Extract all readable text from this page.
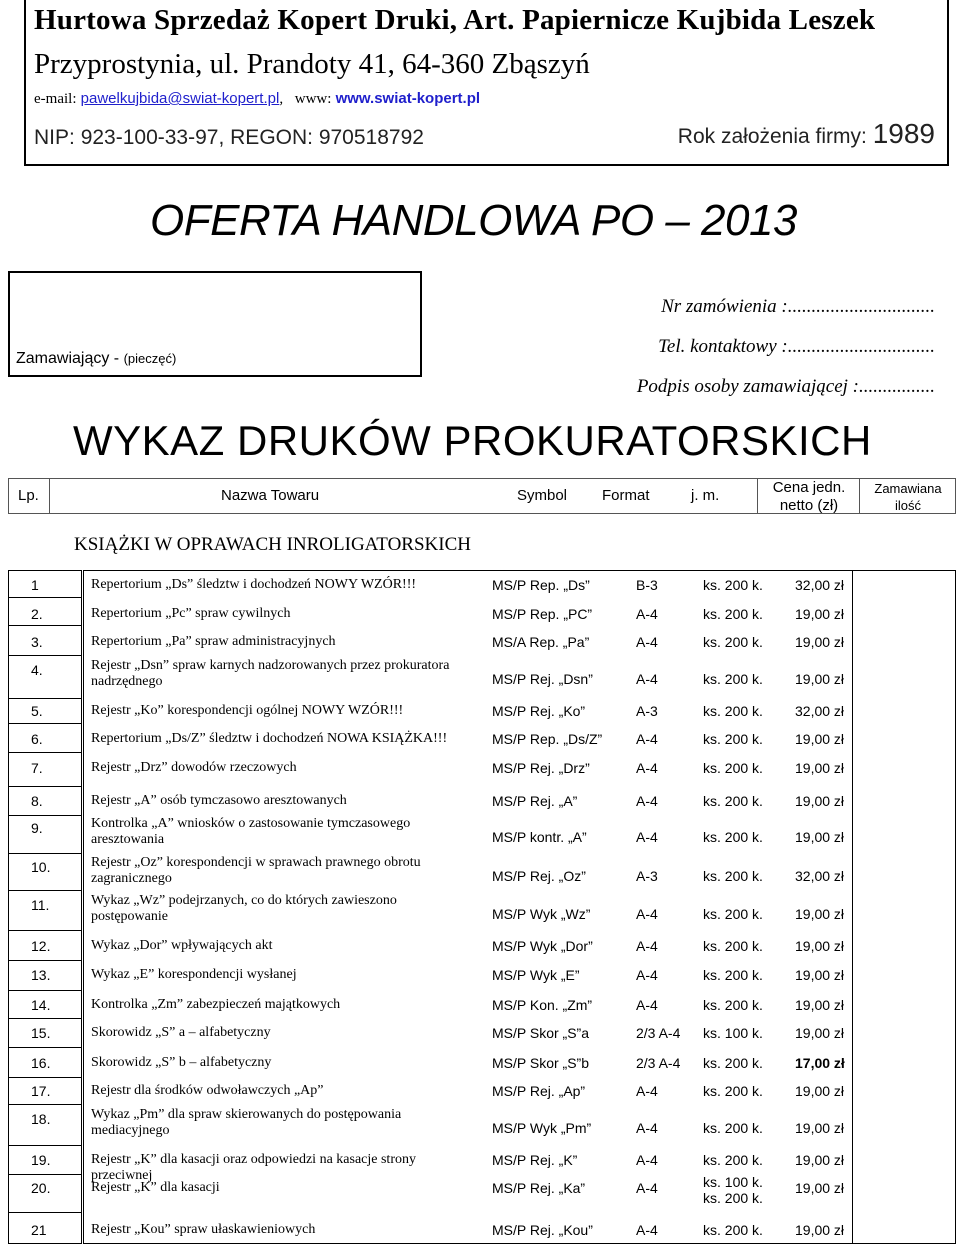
Hurtowa Sprzedaż Kopert Druki, Art. Papiernicze Kujbida Leszek
Przyprostynia, ul. Prandoty 41, 64-360 Zbąszyń
e-mail: pawelkujbida@swiat-kopert.pl,   www: www.swiat-kopert.pl
NIP: 923-100-33-97, REGON: 970518792	Rok założenia firmy: 1989
OFERTA HANDLOWA PO – 2013
Zamawiający - (pieczęć)
Nr zamówienia :...............................
Tel. kontaktowy :...............................
Podpis osoby zamawiającej :................
WYKAZ DRUKÓW PROKURATORSKICH
Lp.	Nazwa Towaru	Symbol Format	j. m.	Cena jedn.
netto (zł)
Zamawiana
ilość
KSIĄŻKI W OPRAWACH INROLIGATORSKICH
1	Repertorium „Ds” śledztw i dochodzeń NOWY WZÓR!!!	MS/P Rep. „Ds”	B-3	ks. 200 k. 32,00 zł
2.	Repertorium „Pc” spraw cywilnych	MS/P Rep. „PC”	A-4	ks. 200 k. 19,00 zł
3.	Repertorium „Pa” spraw administracyjnych	MS/A Rep. „Pa”	A-4	ks. 200 k. 19,00 zł
4.	Rejestr „Dsn” spraw karnych nadzorowanych przez prokuratora nadrzędnego	MS/P Rej. „Dsn”	A-4	ks. 200 k. 19,00 zł
5.	Rejestr „Ko” korespondencji ogólnej NOWY WZÓR!!!	MS/P Rej. „Ko”	A-3	ks. 200 k. 32,00 zł
6.	Repertorium „Ds/Z” śledztw i dochodzeń NOWA KSIĄŻKA!!!	MS/P Rep. „Ds/Z” A-4	ks. 200 k. 19,00 zł
7.	Rejestr „Drz” dowodów rzeczowych	MS/P Rej. „Drz”	A-4	ks. 200 k. 19,00 zł
8.	Rejestr „A” osób tymczasowo aresztowanych	MS/P Rej. „A”	A-4	ks. 200 k. 19,00 zł
9.	Kontrolka „A” wniosków o zastosowanie tymczasowego aresztowania	MS/P kontr. „A”	A-4	ks. 200 k. 19,00 zł
10.	Rejestr „Oz” korespondencji w sprawach prawnego obrotu zagranicznego	MS/P Rej. „Oz”	A-3	ks. 200 k. 32,00 zł
11.	Wykaz „Wz” podejrzanych, co do których zawieszono postępowanie	MS/P Wyk „Wz”	A-4	ks. 200 k. 19,00 zł
12.	Wykaz „Dor” wpływających akt	MS/P Wyk „Dor”	A-4	ks. 200 k. 19,00 zł
13.	Wykaz „E” korespondencji wysłanej	MS/P Wyk „E”	A-4	ks. 200 k. 19,00 zł
14.	Kontrolka „Zm” zabezpieczeń majątkowych	MS/P Kon. „Zm”	A-4	ks. 200 k. 19,00 zł
15.	Skorowidz „S” a – alfabetyczny	MS/P Skor „S”a	2/3 A-4 ks. 100 k. 19,00 zł
16.	Skorowidz „S” b – alfabetyczny	MS/P Skor „S”b	2/3 A-4 ks. 200 k. 17,00 zł
17.	Rejestr dla środków odwoławczych „Ap”	MS/P Rej. „Ap”	A-4	ks. 200 k. 19,00 zł
18.	Wykaz „Pm” dla spraw skierowanych do postępowania mediacyjnego	MS/P Wyk „Pm”	A-4	ks. 200 k. 19,00 zł
19.	Rejestr „K” dla kasacji oraz odpowiedzi na kasacje strony przeciwnej
MS/P Rej. „K”	A-4	ks. 200 k. 19,00 zł
20.	Rejestr „K” dla kasacji	MS/P Rej. „Ka”	A-4	ks. 100 k. 19,00 zł
ks. 200 k.
21	Rejestr „Kou” spraw ułaskawieniowych	MS/P Rej. „Kou”	A-4	ks. 200 k. 19,00 zł
